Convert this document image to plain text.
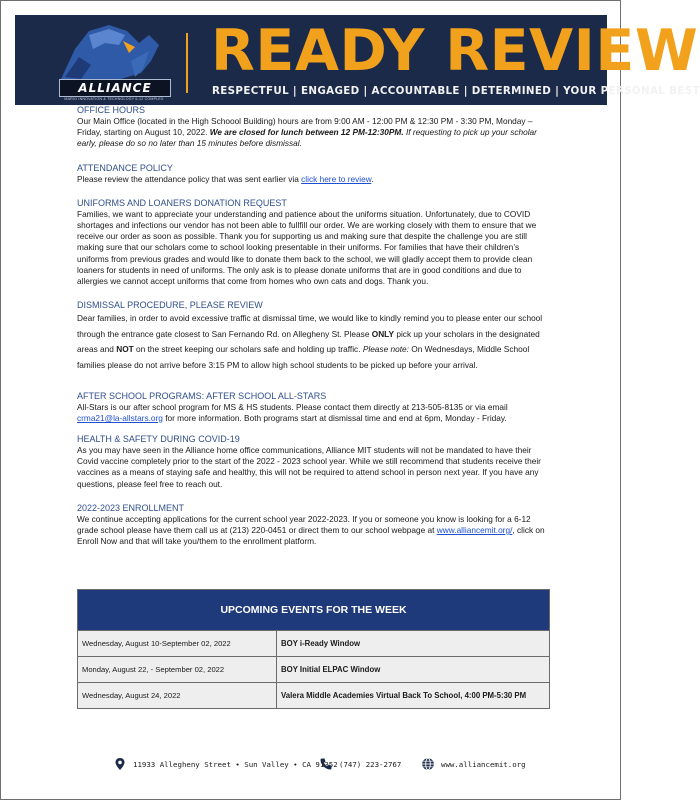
ALLIANCE
MARIO INNOVATION & TECHNOLOGY 6-12 COMPLEX
READY REVIEW
RESPECTFUL | ENGAGED | ACCOUNTABLE | DETERMINED | YOUR PERSONAL BEST

OFFICE HOURS

Our Main Office (located in the High Schoool Building) hours are from 9:00 AM - 12:00 PM & 12:30 PM - 3:30 PM, Monday – Friday, starting on August 10, 2022. We are closed for lunch between 12 PM-12:30PM. If requesting to pick up your scholar early, please do so no later than 15 minutes before dismissal.

ATTENDANCE POLICY

Please review the attendance policy that was sent earlier via click here to review.

UNIFORMS AND LOANERS DONATION REQUEST

Families, we want to appreciate your understanding and patience about the uniforms situation. Unfortunately, due to COVID shortages and infections our vendor has not been able to fullfill our order. We are working closely with them to ensure that we receive our order as soon as possible. Thank you for supporting us and making sure that despite the challenge you are still making sure that our scholars come to school looking presentable in their uniforms. For families that have their children’s uniforms from previous grades and would like to donate them back to the school, we will gladly accept them to provide clean loaners for students in need of uniforms. The only ask is to please donate uniforms that are in good conditions and due to allergies we cannot accept uniforms that come from homes who own cats and dogs. Thank you.

DISMISSAL PROCEDURE, PLEASE REVIEW

Dear families, in order to avoid excessive traffic at dismissal time, we would like to kindly remind you to please enter our school through the entrance gate closest to San Fernando Rd. on Allegheny St. Please ONLY pick up your scholars in the designated areas and NOT on the street keeping our scholars safe and holding up traffic. Please note: On Wednesdays, Middle School families please do not arrive before 3:15 PM to allow high school students to be picked up before your arrival.

AFTER SCHOOL PROGRAMS: AFTER SCHOOL ALL-STARS

All-Stars is our after school program for MS & HS students. Please contact them directly at 213-505-8135 or via email crma21@la-allstars.org for more information. Both programs start at dismissal time and end at 6pm, Monday - Friday.

HEALTH & SAFETY DURING COVID-19

As you may have seen in the Alliance home office communications, Alliance MIT students will not be mandated to have their Covid vaccine completely prior to the start of the 2022 - 2023 school year. While we still recommend that students receive their vaccines as a means of staying safe and healthy, this will not be required to attend school in person next year. If you have any questions, please feel free to reach out.

2022-2023 ENROLLMENT

We continue accepting applications for the current school year 2022-2023. If you or someone you know is looking for a 6-12 grade school please have them call us at (213) 220-0451 or direct them to our school webpage at www.alliancemit.org/, click on Enroll Now and that will take you/them to the enrollment platform.

UPCOMING EVENTS FOR THE WEEK
Wednesday, August 10-September 02, 2022	BOY i-Ready Window
Monday, August 22, - September 02, 2022	BOY Initial ELPAC Window
Wednesday, August 24, 2022	Valera Middle Academies Virtual Back To School, 4:00 PM-5:30 PM
11933 Allegheny Street • Sun Valley • CA 91352 (747) 223-2767	www.alliancemit.org
